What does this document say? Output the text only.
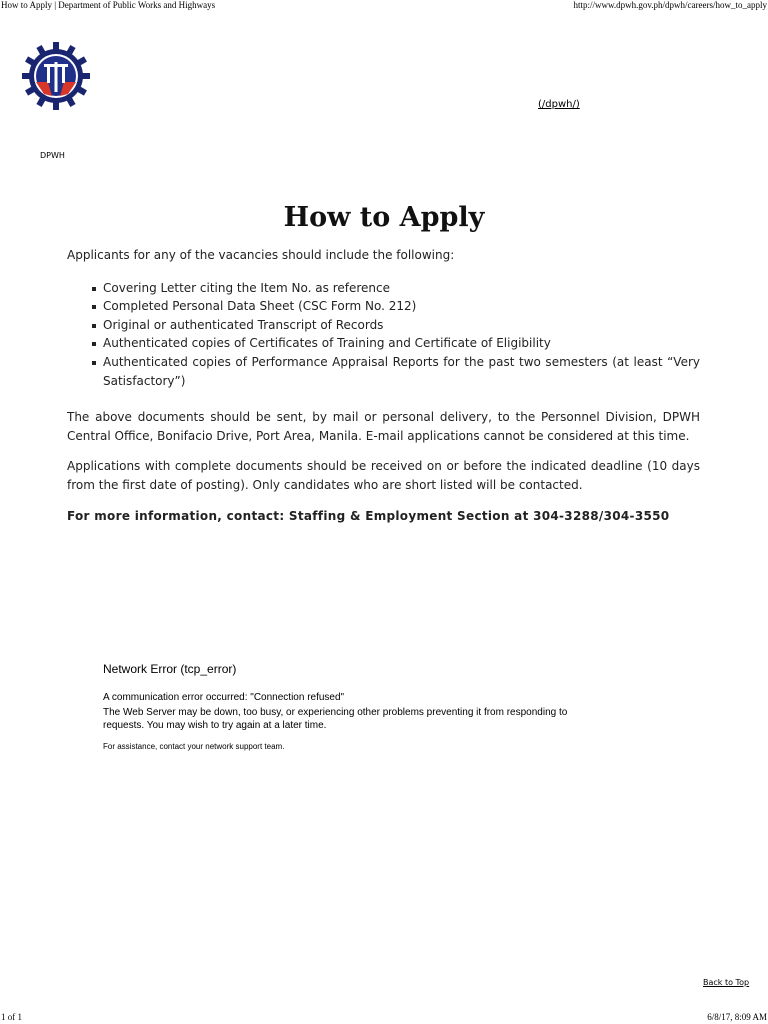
How to Apply | Department of Public Works and Highways	http://www.dpwh.gov.ph/dpwh/careers/how_to_apply
(/dpwh/)
DPWH
How to Apply

Applicants for any of the vacancies should include the following:

Covering Letter citing the Item No. as reference
Completed Personal Data Sheet (CSC Form No. 212)
Original or authenticated Transcript of Records
Authenticated copies of Certificates of Training and Certificate of Eligibility
Authenticated copies of Performance Appraisal Reports for the past two semesters (at least “Very Satisfactory”)

The above documents should be sent, by mail or personal delivery, to the Personnel Division, DPWH Central Office, Bonifacio Drive, Port Area, Manila. E-mail applications cannot be considered at this time.

Applications with complete documents should be received on or before the indicated deadline (10 days from the first date of posting). Only candidates who are short listed will be contacted.

For more information, contact: Staffing & Employment Section at 304-3288/304-3550

Network Error (tcp_error)

A communication error occurred: "Connection refused"

The Web Server may be down, too busy, or experiencing other problems preventing it from responding to requests. You may wish to try again at a later time.

For assistance, contact your network support team.

Back to Top
1 of 1	6/8/17, 8:09 AM
